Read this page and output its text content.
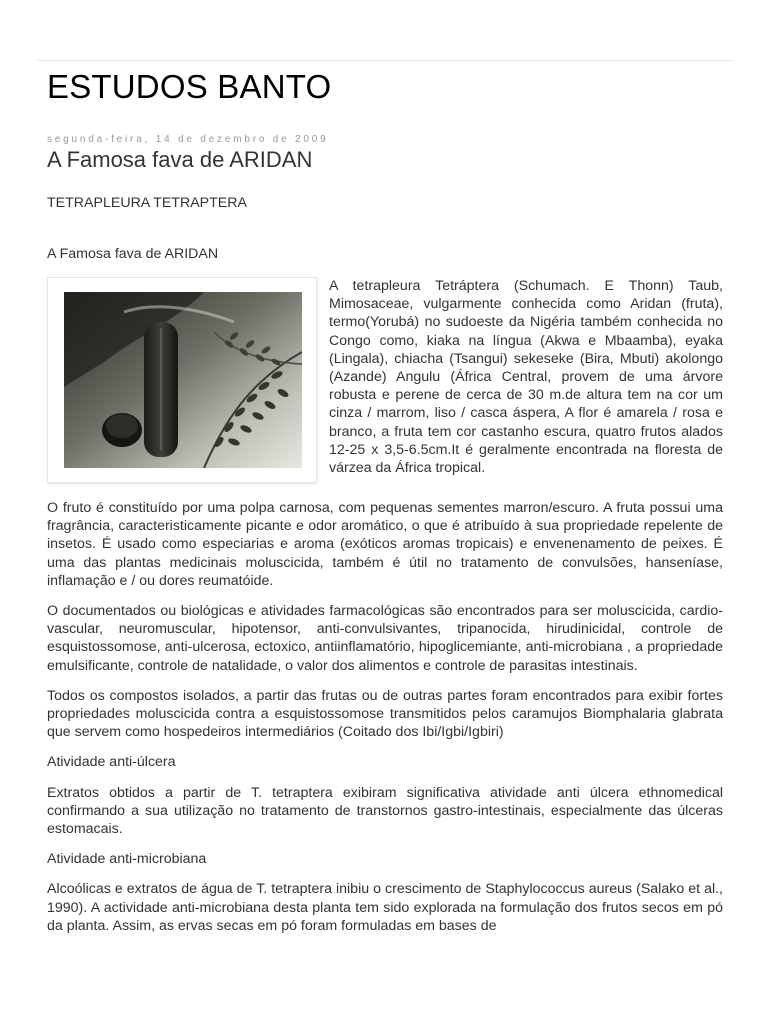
ESTUDOS BANTO
segunda-feira, 14 de dezembro de 2009
A Famosa fava de ARIDAN
TETRAPLEURA TETRAPTERA
A Famosa fava de ARIDAN

A tetrapleura Tetráptera (Schumach. E Thonn) Taub, Mimosaceae, vulgarmente conhecida como Aridan (fruta), termo(Yorubá) no sudoeste da Nigéria também conhecida no Congo como, kiaka na língua (Akwa e Mbaamba), eyaka (Lingala), chiacha (Tsangui) sekeseke (Bira, Mbuti) akolongo (Azande) Angulu (África Central, provem de uma árvore robusta e perene de cerca de 30 m.de altura tem na cor um cinza / marrom, liso / casca áspera, A flor é amarela / rosa e branco, a fruta tem cor castanho escura, quatro frutos alados 12-25 x 3,5-6.5cm.It é geralmente encontrada na floresta de várzea da África tropical.

O fruto é constituído por uma polpa carnosa, com pequenas sementes marron/escuro. A fruta possui uma fragrância, caracteristicamente picante e odor aromático, o que é atribuído à sua propriedade repelente de insetos. É usado como especiarias e aroma (exóticos aromas tropicais) e envenenamento de peixes. É uma das plantas medicinais moluscicida, também é útil no tratamento de convulsões, hanseníase, inflamação e / ou dores reumatóide.

O documentados ou biológicas e atividades farmacológicas são encontrados para ser moluscicida, cardio-vascular, neuromuscular, hipotensor, anti-convulsivantes, tripanocida, hirudinicidal, controle de esquistossomose, anti-ulcerosa, ectoxico, antiinflamatório, hipoglicemiante, anti-microbiana , a propriedade emulsificante, controle de natalidade, o valor dos alimentos e controle de parasitas intestinais.

Todos os compostos isolados, a partir das frutas ou de outras partes foram encontrados para exibir fortes propriedades moluscicida contra a esquistossomose transmitidos pelos caramujos Biomphalaria glabrata que servem como hospedeiros intermediários (Coitado dos Ibi/Igbi/Igbiri)

Atividade anti-úlcera

Extratos obtidos a partir de T. tetraptera exibiram significativa atividade anti úlcera ethnomedical confirmando a sua utilização no tratamento de transtornos gastro-intestinais, especialmente das úlceras estomacais.

Atividade anti-microbiana

Alcoólicas e extratos de água de T. tetraptera inibiu o crescimento de Staphylococcus aureus (Salako et al., 1990). A actividade anti-microbiana desta planta tem sido explorada na formulação dos frutos secos em pó da planta. Assim, as ervas secas em pó foram formuladas em bases de
